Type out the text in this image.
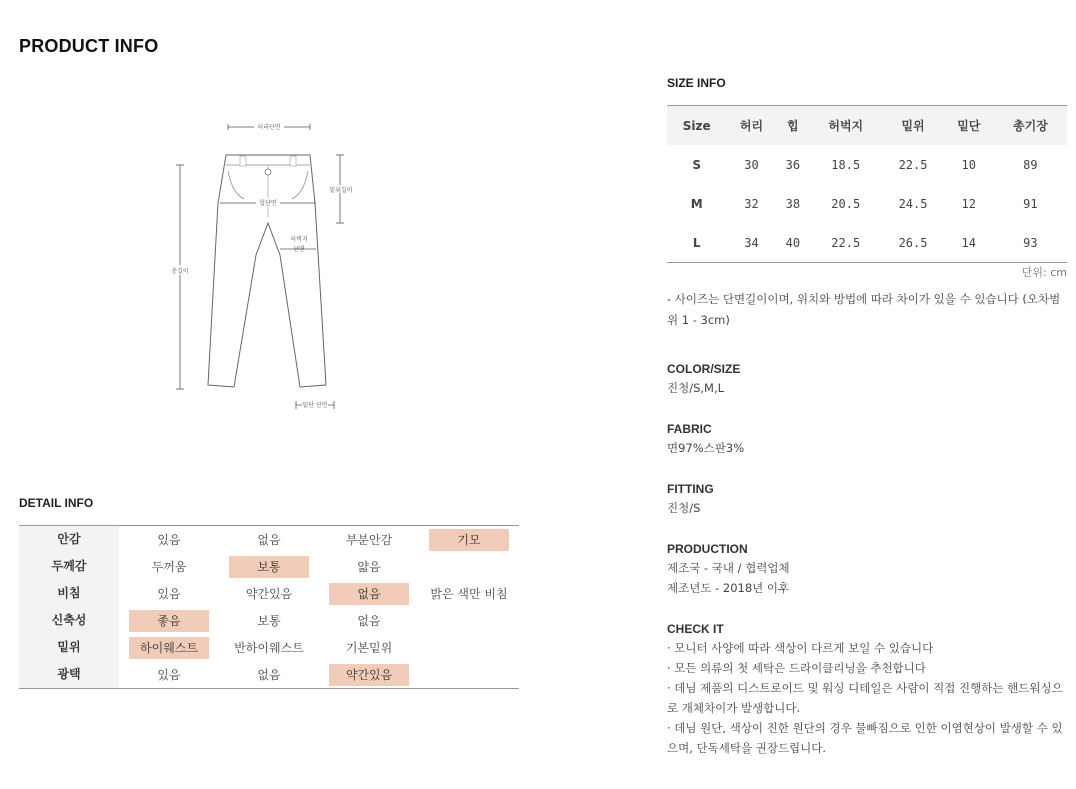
PRODUCT INFO
허리단면
밑위길이
힙단면
허벅지
단면
총길이
밑단 단면
DETAIL INFO
안감	있음	없음	부분안감	기모
두께감	두꺼움	보통	얇음
비침	있음	약간있음	없음	밝은 색만 비침
신축성	좋음	보통	없음
밑위	하이웨스트	반하이웨스트	기본밑위
광택	있음	없음	약간있음
SIZE INFO
Size	허리	힙	허벅지	밑위	밑단	총기장
S	30	36	18.5	22.5	10	89
M	32	38	20.5	24.5	12	91
L	34	40	22.5	26.5	14	93
단위: cm
- 사이즈는 단면길이이며, 위치와 방법에 따라 차이가 있을 수 있습니다 (오차범위 1 - 3cm)
COLOR/SIZE
진청/S,M,L
FABRIC
면97%스판3%
FITTING
진청/S
PRODUCTION
제조국 - 국내 / 협력업체
제조년도 - 2018년 이후
CHECK IT
· 모니터 사양에 따라 색상이 다르게 보일 수 있습니다
· 모든 의류의 첫 세탁은 드라이클리닝을 추천합니다
· 데님 제품의 디스트로이드 및 워싱 디테일은 사람이 직접 진행하는 핸드워싱으로 개체차이가 발생합니다.
· 데님 원단, 색상이 진한 원단의 경우 물빠짐으로 인한 이염현상이 발생할 수 있으며, 단독세탁을 권장드립니다.
